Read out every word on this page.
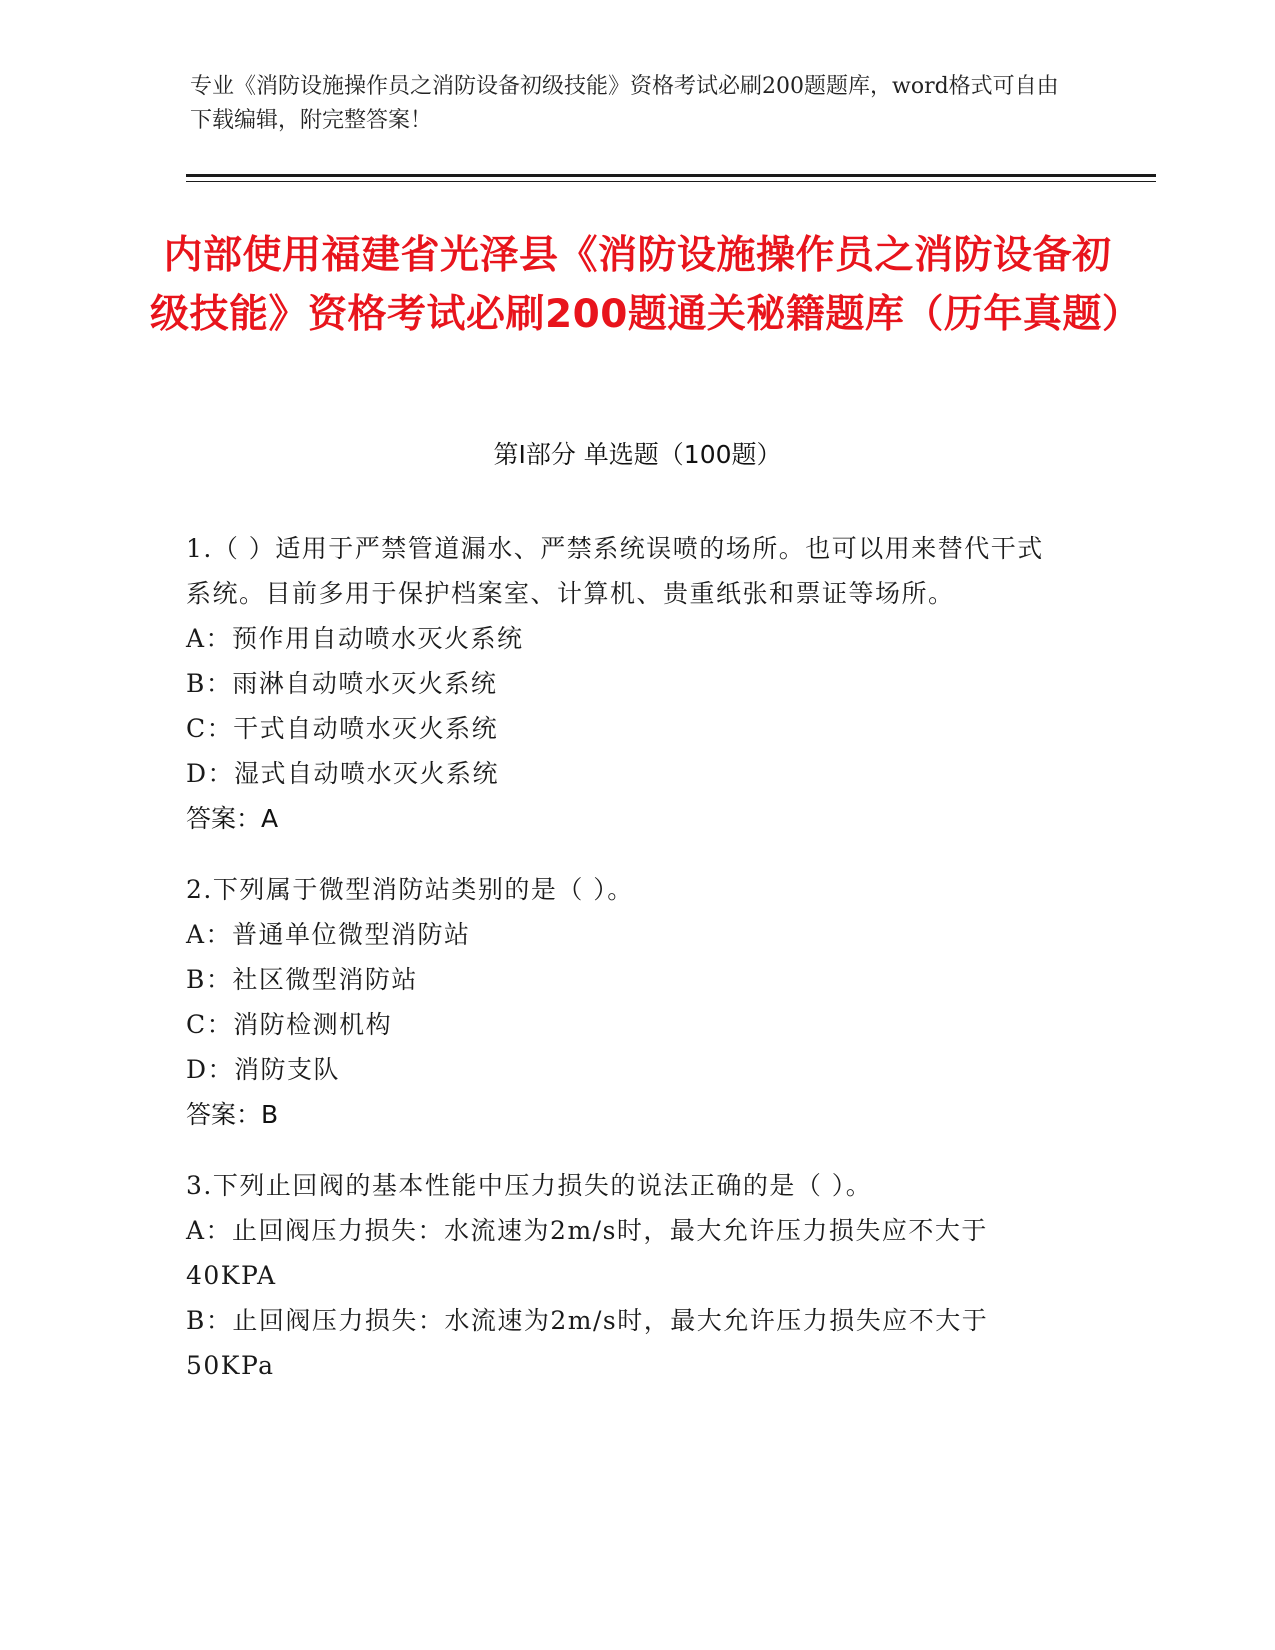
专业《消防设施操作员之消防设备初级技能》资格考试必刷200题题库，word格式可自由下载编辑，附完整答案！
内部使用福建省光泽县《消防设施操作员之消防设备初级技能》资格考试必刷200题通关秘籍题库（历年真题）
第I部分 单选题（100题）
1.（ ）适用于严禁管道漏水、严禁系统误喷的场所。也可以用来替代干式系统。目前多用于保护档案室、计算机、贵重纸张和票证等场所。
A：预作用自动喷水灭火系统
B：雨淋自动喷水灭火系统
C：干式自动喷水灭火系统
D：湿式自动喷水灭火系统
答案：A
2.下列属于微型消防站类别的是（ ）。
A：普通单位微型消防站
B：社区微型消防站
C：消防检测机构
D：消防支队
答案：B
3.下列止回阀的基本性能中压力损失的说法正确的是（ ）。
A：止回阀压力损失：水流速为2m/s时，最大允许压力损失应不大于40KPA
B：止回阀压力损失：水流速为2m/s时，最大允许压力损失应不大于50KPa
